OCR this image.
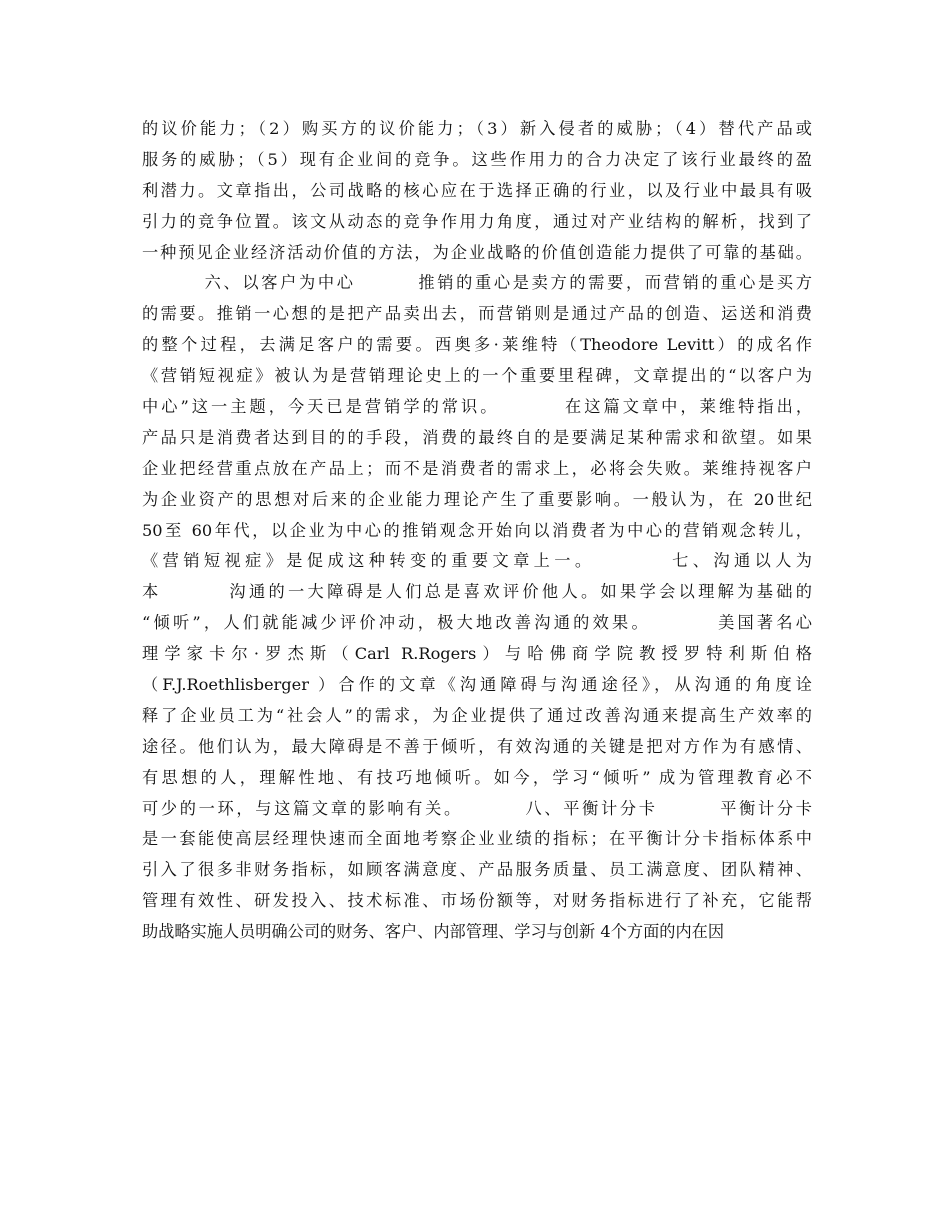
的议价能力；（2）购买方的议价能力；（3）新入侵者的威胁；（4）替代产品或
服务的威胁；（5）现有企业间的竞争。这些作用力的合力决定了该行业最终的盈
利潜力。文章指出，公司战略的核心应在于选择正确的行业，以及行业中最具有吸
引力的竞争位置。该文从动态的竞争作用力角度，通过对产业结构的解析，找到了
一种预见企业经济活动价值的方法，为企业战略的价值创造能力提供了可靠的基础。
六、以客户为中心        推销的重心是卖方的需要，而营销的重心是买方
的需要。推销一心想的是把产品卖出去，而营销则是通过产品的创造、运送和消费
的整个过程，去满足客户的需要。西奥多·莱维特（Theodore Levitt）的成名作
《营销短视症》被认为是营销理论史上的一个重要里程碑，文章提出的“以客户为
中心”这一主题，今天已是营销学的常识。        在这篇文章中，莱维特指出，
产品只是消费者达到目的的手段，消费的最终自的是要满足某种需求和欲望。如果
企业把经营重点放在产品上；而不是消费者的需求上，必将会失败。莱维持视客户
为企业资产的思想对后来的企业能力理论产生了重要影响。一般认为，在 20世纪
50至 60年代，以企业为中心的推销观念开始向以消费者为中心的营销观念转儿，
《营销短视症》是促成这种转变的重要文章上一。        七、沟通以人为
本        沟通的一大障碍是人们总是喜欢评价他人。如果学会以理解为基础的
“倾听”，人们就能减少评价冲动，极大地改善沟通的效果。        美国著名心
理学家卡尔·罗杰斯（Carl R.Rogers）与哈佛商学院教授罗特利斯伯格
（F.J.Roethlisberger ）合作的文章《沟通障碍与沟通途径》，从沟通的角度诠
释了企业员工为“社会人”的需求，为企业提供了通过改善沟通来提高生产效率的
途径。他们认为，最大障碍是不善于倾听，有效沟通的关键是把对方作为有感情、
有思想的人，理解性地、有技巧地倾听。如今，学习“倾听” 成为管理教育必不
可少的一环，与这篇文章的影响有关。        八、平衡计分卡        平衡计分卡
是一套能使高层经理快速而全面地考察企业业绩的指标；在平衡计分卡指标体系中
引入了很多非财务指标，如顾客满意度、产品服务质量、员工满意度、团队精神、
管理有效性、研发投入、技术标准、市场份额等，对财务指标进行了补充，它能帮
助战略实施人员明确公司的财务、客户、内部管理、学习与创新 4个方面的内在因
